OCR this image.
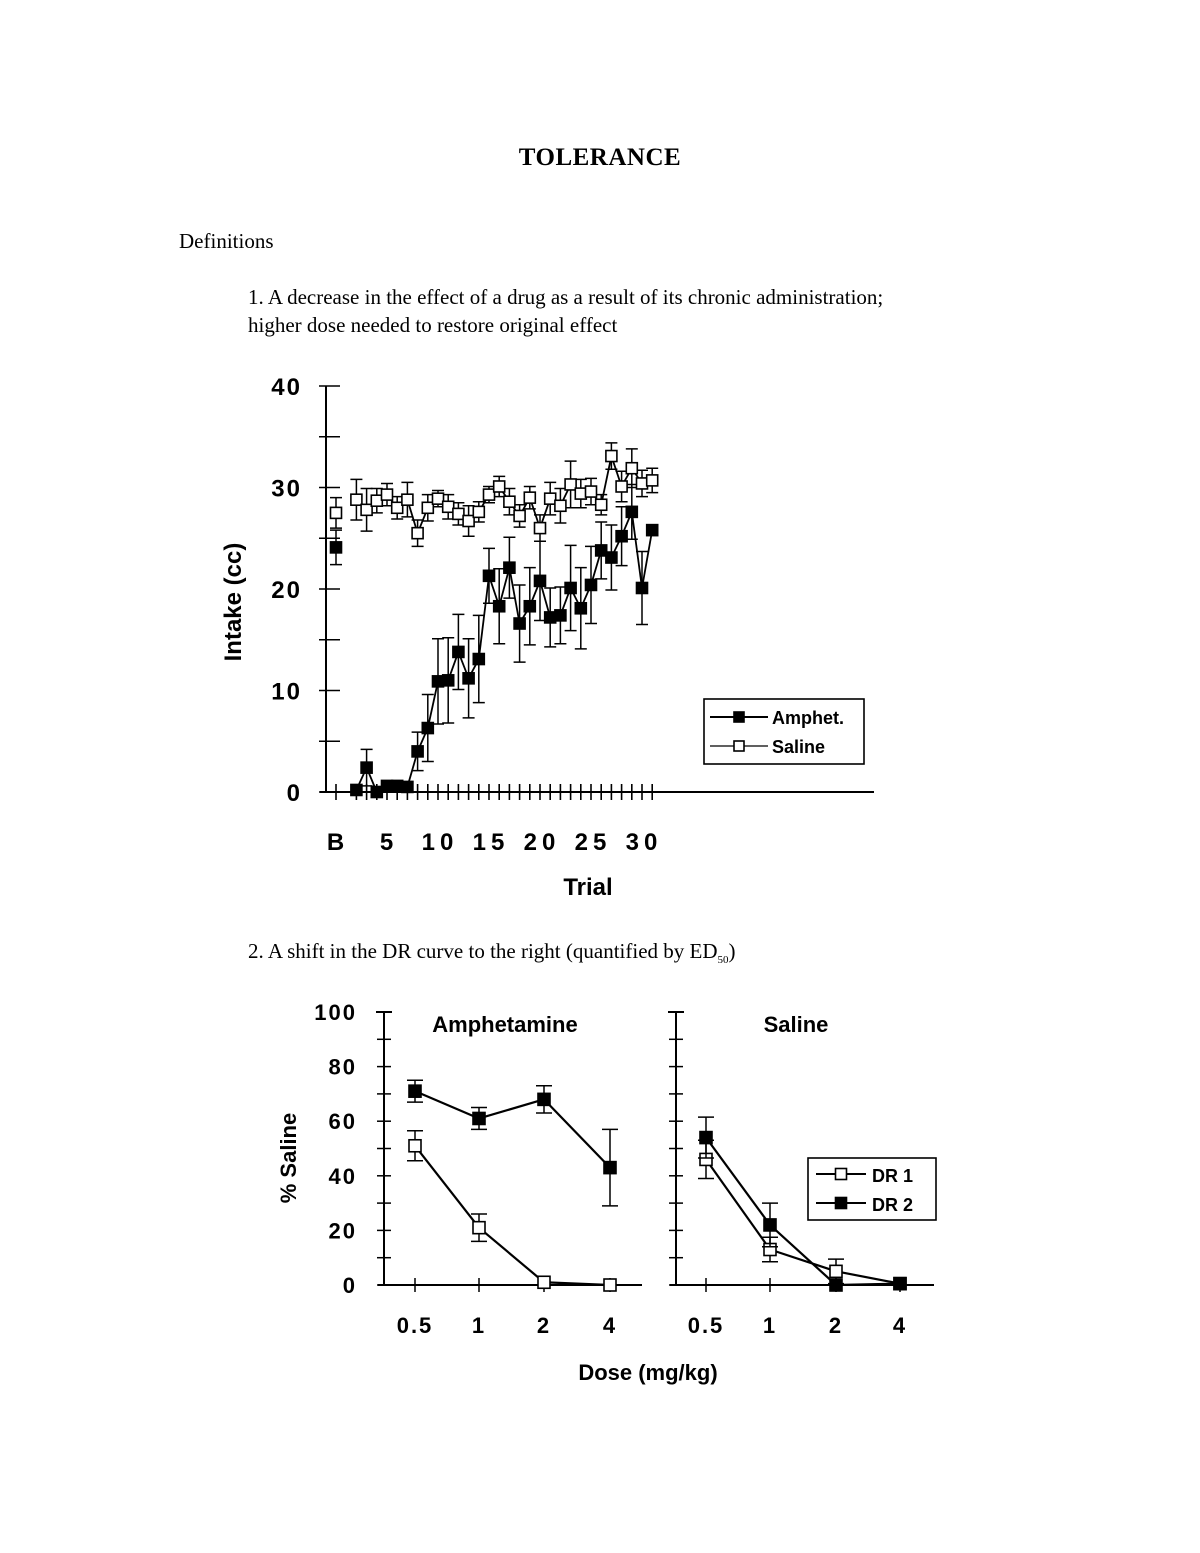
TOLERANCE
Definitions
1. A decrease in the effect of a drug as a result of its chronic administration;
higher dose needed to restore original effect
0
10
20
30
40
B 5 10 15 20 25 30
Trial
Intake (cc)
Amphet.
Saline
2. A shift in the DR curve to the right (quantified by $ED_{50}$)
0.5 1 2 4
Amphetamine
0
20
40
60
80
100
% Saline
Dose (mg/kg)
0.5 1 2 4
Saline
DR 1
DR 2
